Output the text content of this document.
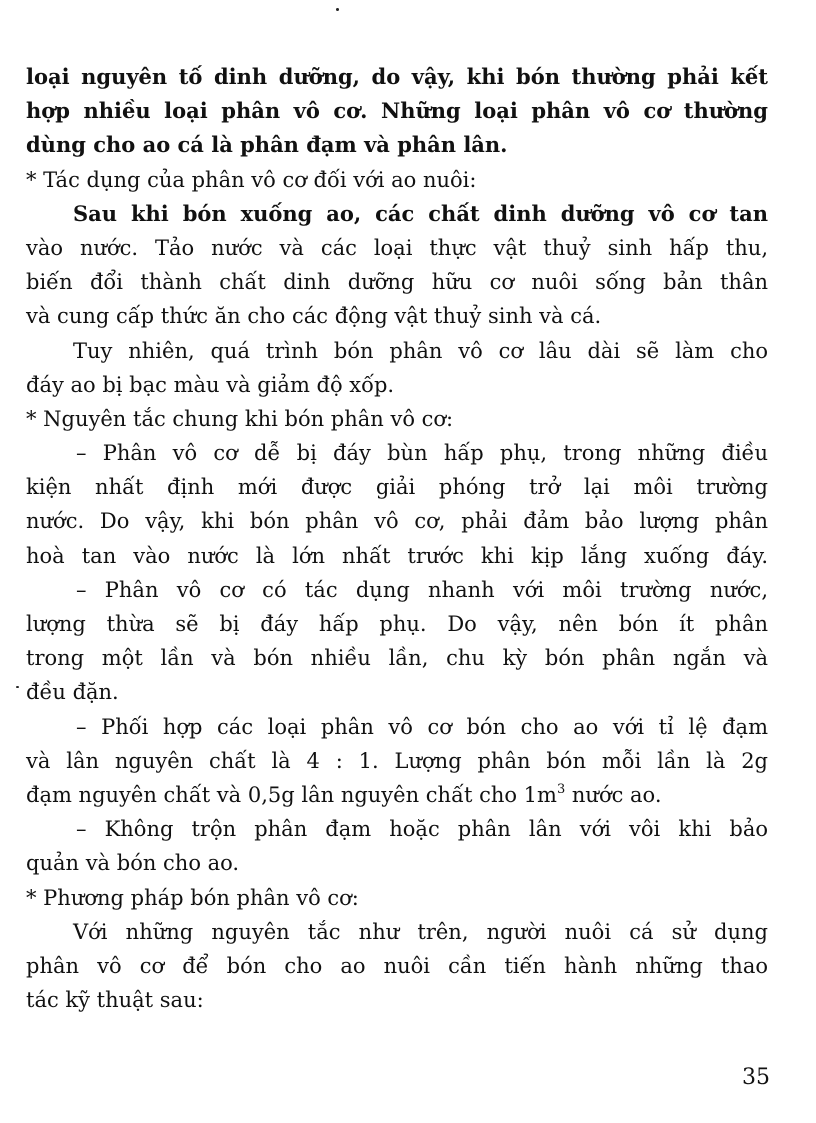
loại nguyên tố dinh dưỡng, do vậy, khi bón thường phải kết
hợp nhiều loại phân vô cơ. Những loại phân vô cơ thường
dùng cho ao cá là phân đạm và phân lân.
* Tác dụng của phân vô cơ đối với ao nuôi:
Sau khi bón xuống ao, các chất dinh dưỡng vô cơ tan
vào nước. Tảo nước và các loại thực vật thuỷ sinh hấp thu,
biến đổi thành chất dinh dưỡng hữu cơ nuôi sống bản thân
và cung cấp thức ăn cho các động vật thuỷ sinh và cá.
Tuy nhiên, quá trình bón phân vô cơ lâu dài sẽ làm cho
đáy ao bị bạc màu và giảm độ xốp.
* Nguyên tắc chung khi bón phân vô cơ:
– Phân vô cơ dễ bị đáy bùn hấp phụ, trong những điều
kiện nhất định mới được giải phóng trở lại môi trường
nước. Do vậy, khi bón phân vô cơ, phải đảm bảo lượng phân
hoà tan vào nước là lớn nhất trước khi kịp lắng xuống đáy.
– Phân vô cơ có tác dụng nhanh với môi trường nước,
lượng thừa sẽ bị đáy hấp phụ. Do vậy, nên bón ít phân
trong một lần và bón nhiều lần, chu kỳ bón phân ngắn và
đều đặn.
– Phối hợp các loại phân vô cơ bón cho ao với tỉ lệ đạm
và lân nguyên chất là 4 : 1. Lượng phân bón mỗi lần là 2g
đạm nguyên chất và 0,5g lân nguyên chất cho $1m^3$ nước ao.
– Không trộn phân đạm hoặc phân lân với vôi khi bảo
quản và bón cho ao.
* Phương pháp bón phân vô cơ:
Với những nguyên tắc như trên, người nuôi cá sử dụng
phân vô cơ để bón cho ao nuôi cần tiến hành những thao
tác kỹ thuật sau:
35
